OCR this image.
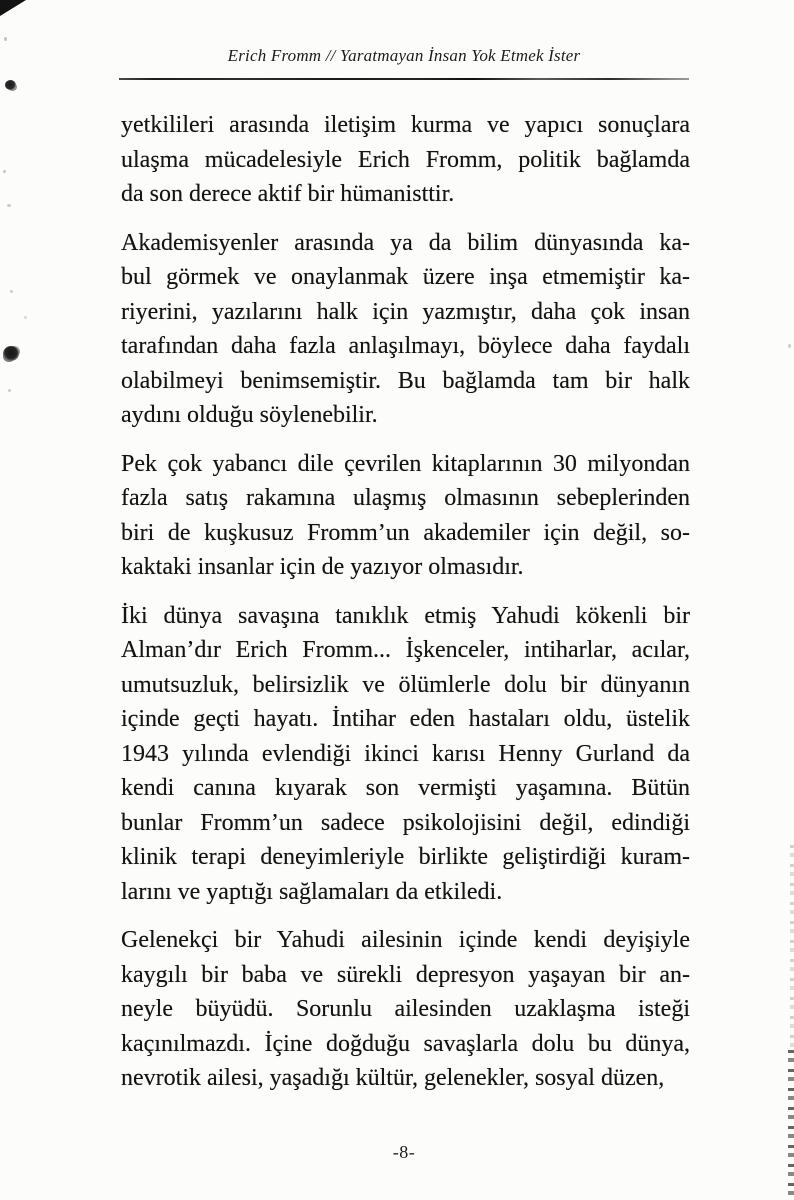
Erich Fromm // Yaratmayan İnsan Yok Etmek İster
yetkilileri arasında iletişim kurma ve yapıcı sonuçlara
ulaşma mücadelesiyle Erich Fromm, politik bağlamda
da son derece aktif bir hümanisttir.
Akademisyenler arasında ya da bilim dünyasında ka-
bul görmek ve onaylanmak üzere inşa etmemiştir ka-
riyerini, yazılarını halk için yazmıştır, daha çok insan
tarafından daha fazla anlaşılmayı, böylece daha faydalı
olabilmeyi benimsemiştir. Bu bağlamda tam bir halk
aydını olduğu söylenebilir.
Pek çok yabancı dile çevrilen kitaplarının 30 milyondan
fazla satış rakamına ulaşmış olmasının sebeplerinden
biri de kuşkusuz Fromm’un akademiler için değil, so-
kaktaki insanlar için de yazıyor olmasıdır.
İki dünya savaşına tanıklık etmiş Yahudi kökenli bir
Alman’dır Erich Fromm... İşkenceler, intiharlar, acılar,
umutsuzluk, belirsizlik ve ölümlerle dolu bir dünyanın
içinde geçti hayatı. İntihar eden hastaları oldu, üstelik
1943 yılında evlendiği ikinci karısı Henny Gurland da
kendi canına kıyarak son vermişti yaşamına. Bütün
bunlar Fromm’un sadece psikolojisini değil, edindiği
klinik terapi deneyimleriyle birlikte geliştirdiği kuram-
larını ve yaptığı sağlamaları da etkiledi.
Gelenekçi bir Yahudi ailesinin içinde kendi deyişiyle
kaygılı bir baba ve sürekli depresyon yaşayan bir an-
neyle büyüdü. Sorunlu ailesinden uzaklaşma isteği
kaçınılmazdı. İçine doğduğu savaşlarla dolu bu dünya,
nevrotik ailesi, yaşadığı kültür, gelenekler, sosyal düzen,
-8-
